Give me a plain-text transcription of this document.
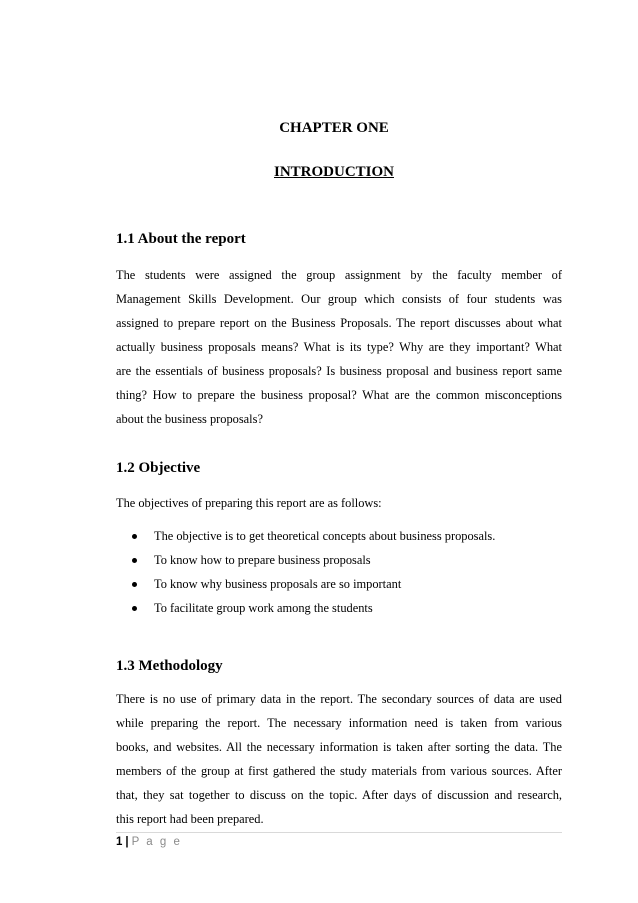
CHAPTER ONE
INTRODUCTION
1.1 About the report
The students were assigned the group assignment by the faculty member of
Management Skills Development. Our group which consists of four students was
assigned to prepare report on the Business Proposals. The report discusses about what
actually business proposals means? What is its type? Why are they important? What
are the essentials of business proposals? Is business proposal and business report same
thing? How to prepare the business proposal? What are the common misconceptions
about the business proposals?
1.2 Objective
The objectives of preparing this report are as follows:
The objective is to get theoretical concepts about business proposals.
To know how to prepare business proposals
To know why business proposals are so important
To facilitate group work among the students
1.3 Methodology
There is no use of primary data in the report. The secondary sources of data are used
while preparing the report. The necessary information need is taken from various
books, and websites. All the necessary information is taken after sorting the data. The
members of the group at first gathered the study materials from various sources. After
that, they sat together to discuss on the topic. After days of discussion and research,
this report had been prepared.
1 | P a g e
